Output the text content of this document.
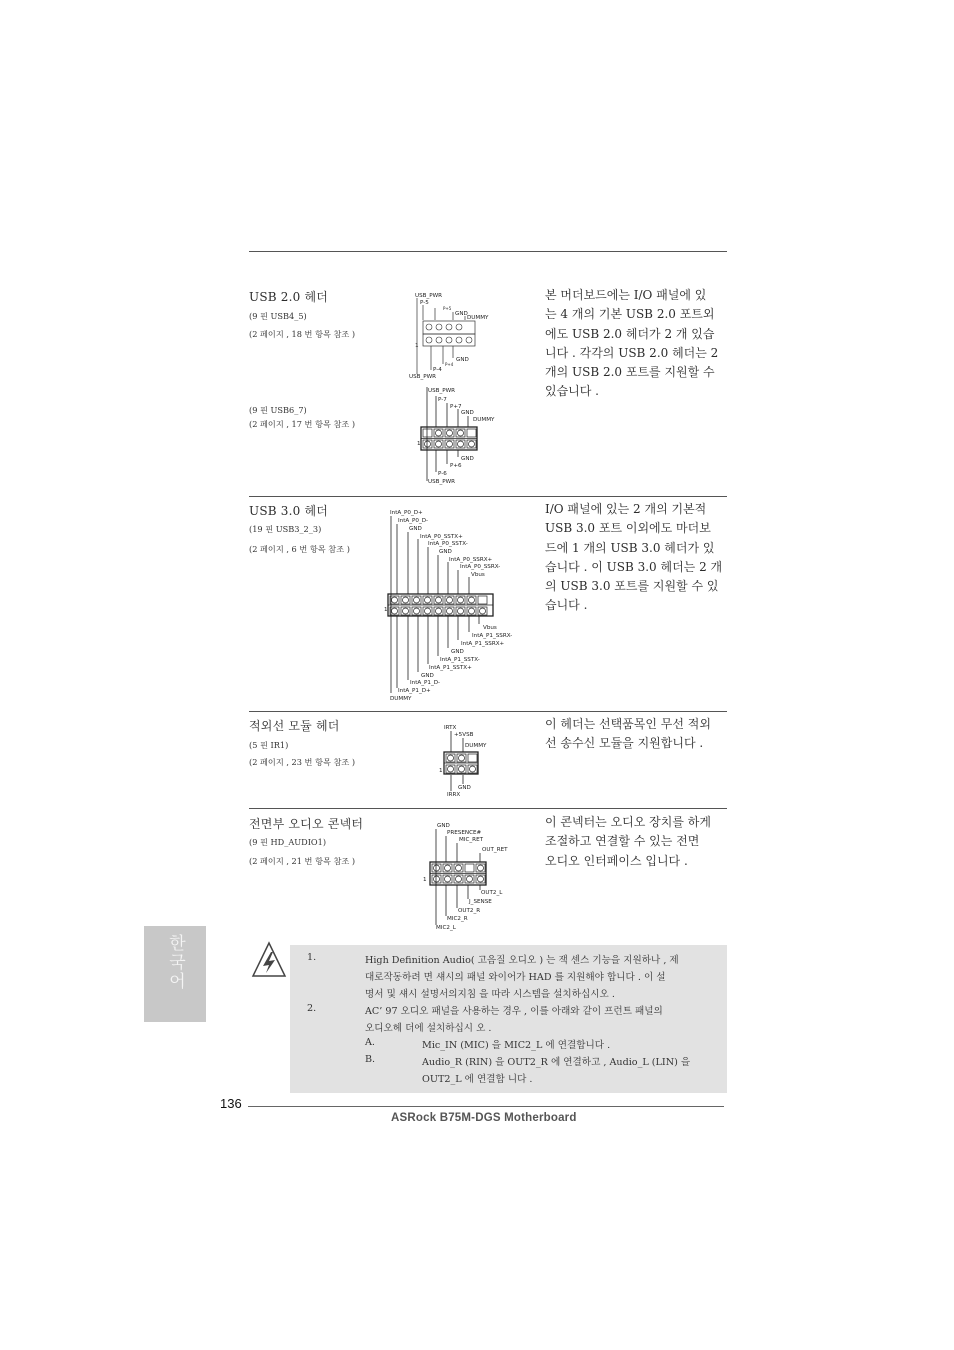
USB 2.0 헤더
(9 핀 USB4_5)
(2 페이지 , 18 번 항목 참조 )
(9 핀 USB6_7)
(2 페이지 , 17 번 항목 참조 )
본 머더보드에는 I/O 패널에 있
는 4 개의 기본 USB 2.0 포트외
에도 USB 2.0 헤더가 2 개 있습
니다 . 각각의 USB 2.0 헤더는 2
개의 USB 2.0 포트를 지원할 수
있습니다 .
USB_PWR
P-5
P+5
GND
DUMMY
1
GND
P+4
P-4
USB_PWR
USB_PWR
P-7
P+7
GND
DUMMY
1
GND
P+6
P-6
USB_PWR
USB 3.0 헤더
(19 핀 USB3_2_3)
(2 페이지 , 6 번 항목 참조 )
I/O 패널에 있는 2 개의 기본적
USB 3.0 포트 이외에도 마더보
드에 1 개의 USB 3.0 헤더가 있
습니다 . 이 USB 3.0 헤더는 2 개
의 USB 3.0 포트를 지원할 수 있
습니다 .
IntA_P0_D+
IntA_P0_D-
GND
IntA_P0_SSTX+
IntA_P0_SSTX-
GND
IntA_P0_SSRX+
IntA_P0_SSRX-
Vbus
1
Vbus
IntA_P1_SSRX-
IntA_P1_SSRX+
GND
IntA_P1_SSTX-
IntA_P1_SSTX+
GND
IntA_P1_D-
IntA_P1_D+
DUMMY
적외선 모듈 헤더
(5 핀 IR1)
(2 페이지 , 23 번 항목 참조 )
이 헤더는 선택품목인 무선 적외
선 송수신 모듈을 지원합니다 .
IRTX
+5VSB
DUMMY
1
GND
IRRX
전면부 오디오 콘넥터
(9 핀 HD_AUDIO1)
(2 페이지 , 21 번 항목 참조 )
이 콘넥터는 오디오 장치를 하게
조절하고 연결할 수 있는 전면
오디오 인터페이스 입니다 .
GND
PRESENCE#
MIC_RET
OUT_RET
1
OUT2_L
J_SENSE
OUT2_R
MIC2_R
MIC2_L
한국어	1.	High Definition Audio( 고음질 오디오 ) 는 잭 센스 기능을 지원하나 , 제
대로작동하려 면 섀시의 패널 와이어가 HAD 를 지원해야 합니다 . 이 설
명서 및 섀시 설명서의지침 을 따라 시스템을 설치하십시오 .
2.	AC’ 97 오디오 패널을 사용하는 경우 , 이를 아래와 같이 프런트 패널의
오디오헤 더에 설치하십시 오 .
A.	Mic_IN (MIC) 을 MIC2_L 에 연결합니다 .
B.	Audio_R (RIN) 을 OUT2_R 에 연결하고 , Audio_L (LIN) 을
OUT2_L 에 연결합 니다 .
136
ASRock B75M-DGS Motherboard
